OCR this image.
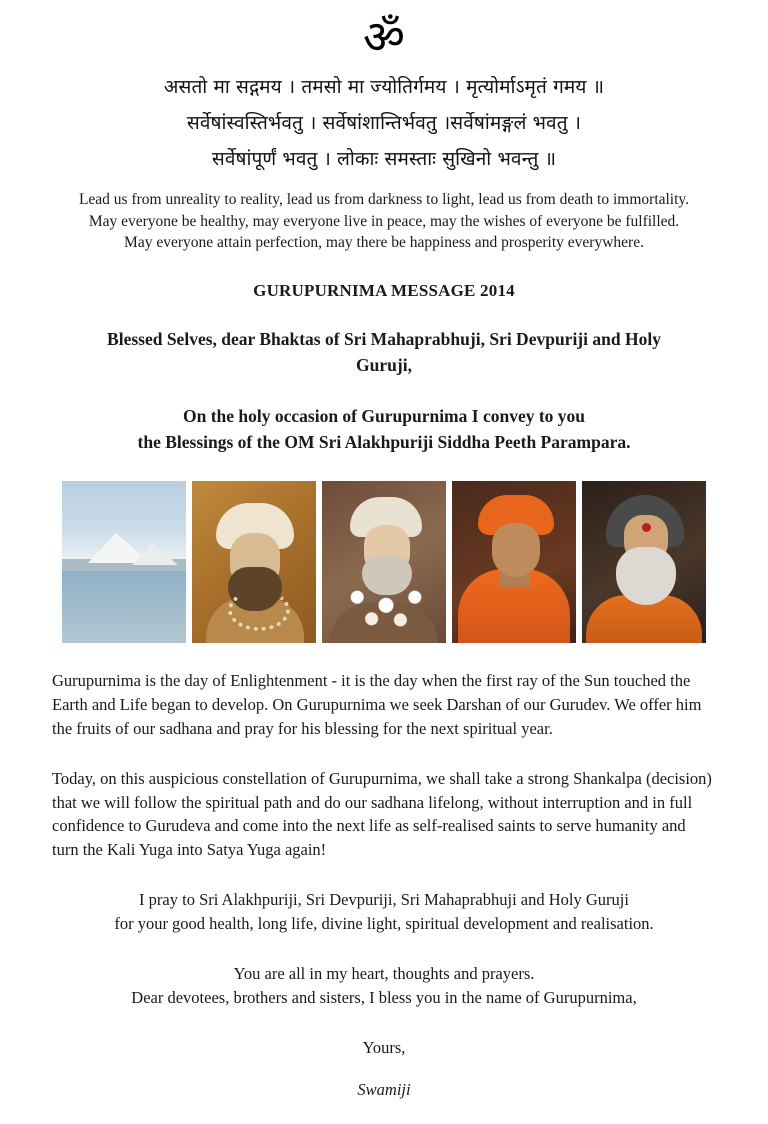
ॐ
असतो मा सद्गमय । तमसो मा ज्योतिर्गमय । मृत्योर्माऽमृतं गमय ॥
सर्वेषांस्वस्तिर्भवतु । सर्वेषांशान्तिर्भवतु ।सर्वेषांमङ्गलं भवतु ।
सर्वेषांपूर्णं भवतु । लोकाः समस्ताः सुखिनो भवन्तु ॥
Lead us from unreality to reality, lead us from darkness to light, lead us from death to immortality.
May everyone be healthy, may everyone live in peace, may the wishes of everyone be fulfilled.
May everyone attain perfection, may there be happiness and prosperity everywhere.
GURUPURNIMA MESSAGE 2014
Blessed Selves, dear Bhaktas of Sri Mahaprabhuji, Sri Devpuriji and Holy Guruji,
On the holy occasion of Gurupurnima I convey to you
the Blessings of the OM Sri Alakhpuriji Siddha Peeth Parampara.
Gurupurnima is the day of Enlightenment - it is the day when the first ray of the Sun touched the Earth and Life began to develop. On Gurupurnima we seek Darshan of our Gurudev. We offer him the fruits of our sadhana and pray for his blessing for the next spiritual year.
Today, on this auspicious constellation of Gurupurnima, we shall take a strong Shankalpa (decision) that we will follow the spiritual path and do our sadhana lifelong, without interruption and in full confidence to Gurudeva and come into the next life as self-realised saints to serve humanity and turn the Kali Yuga into Satya Yuga again!
I pray to Sri Alakhpuriji, Sri Devpuriji, Sri Mahaprabhuji and Holy Guruji
for your good health, long life, divine light, spiritual development and realisation.
You are all in my heart, thoughts and prayers.
Dear devotees, brothers and sisters, I bless you in the name of Gurupurnima,
Yours,
Swamiji
